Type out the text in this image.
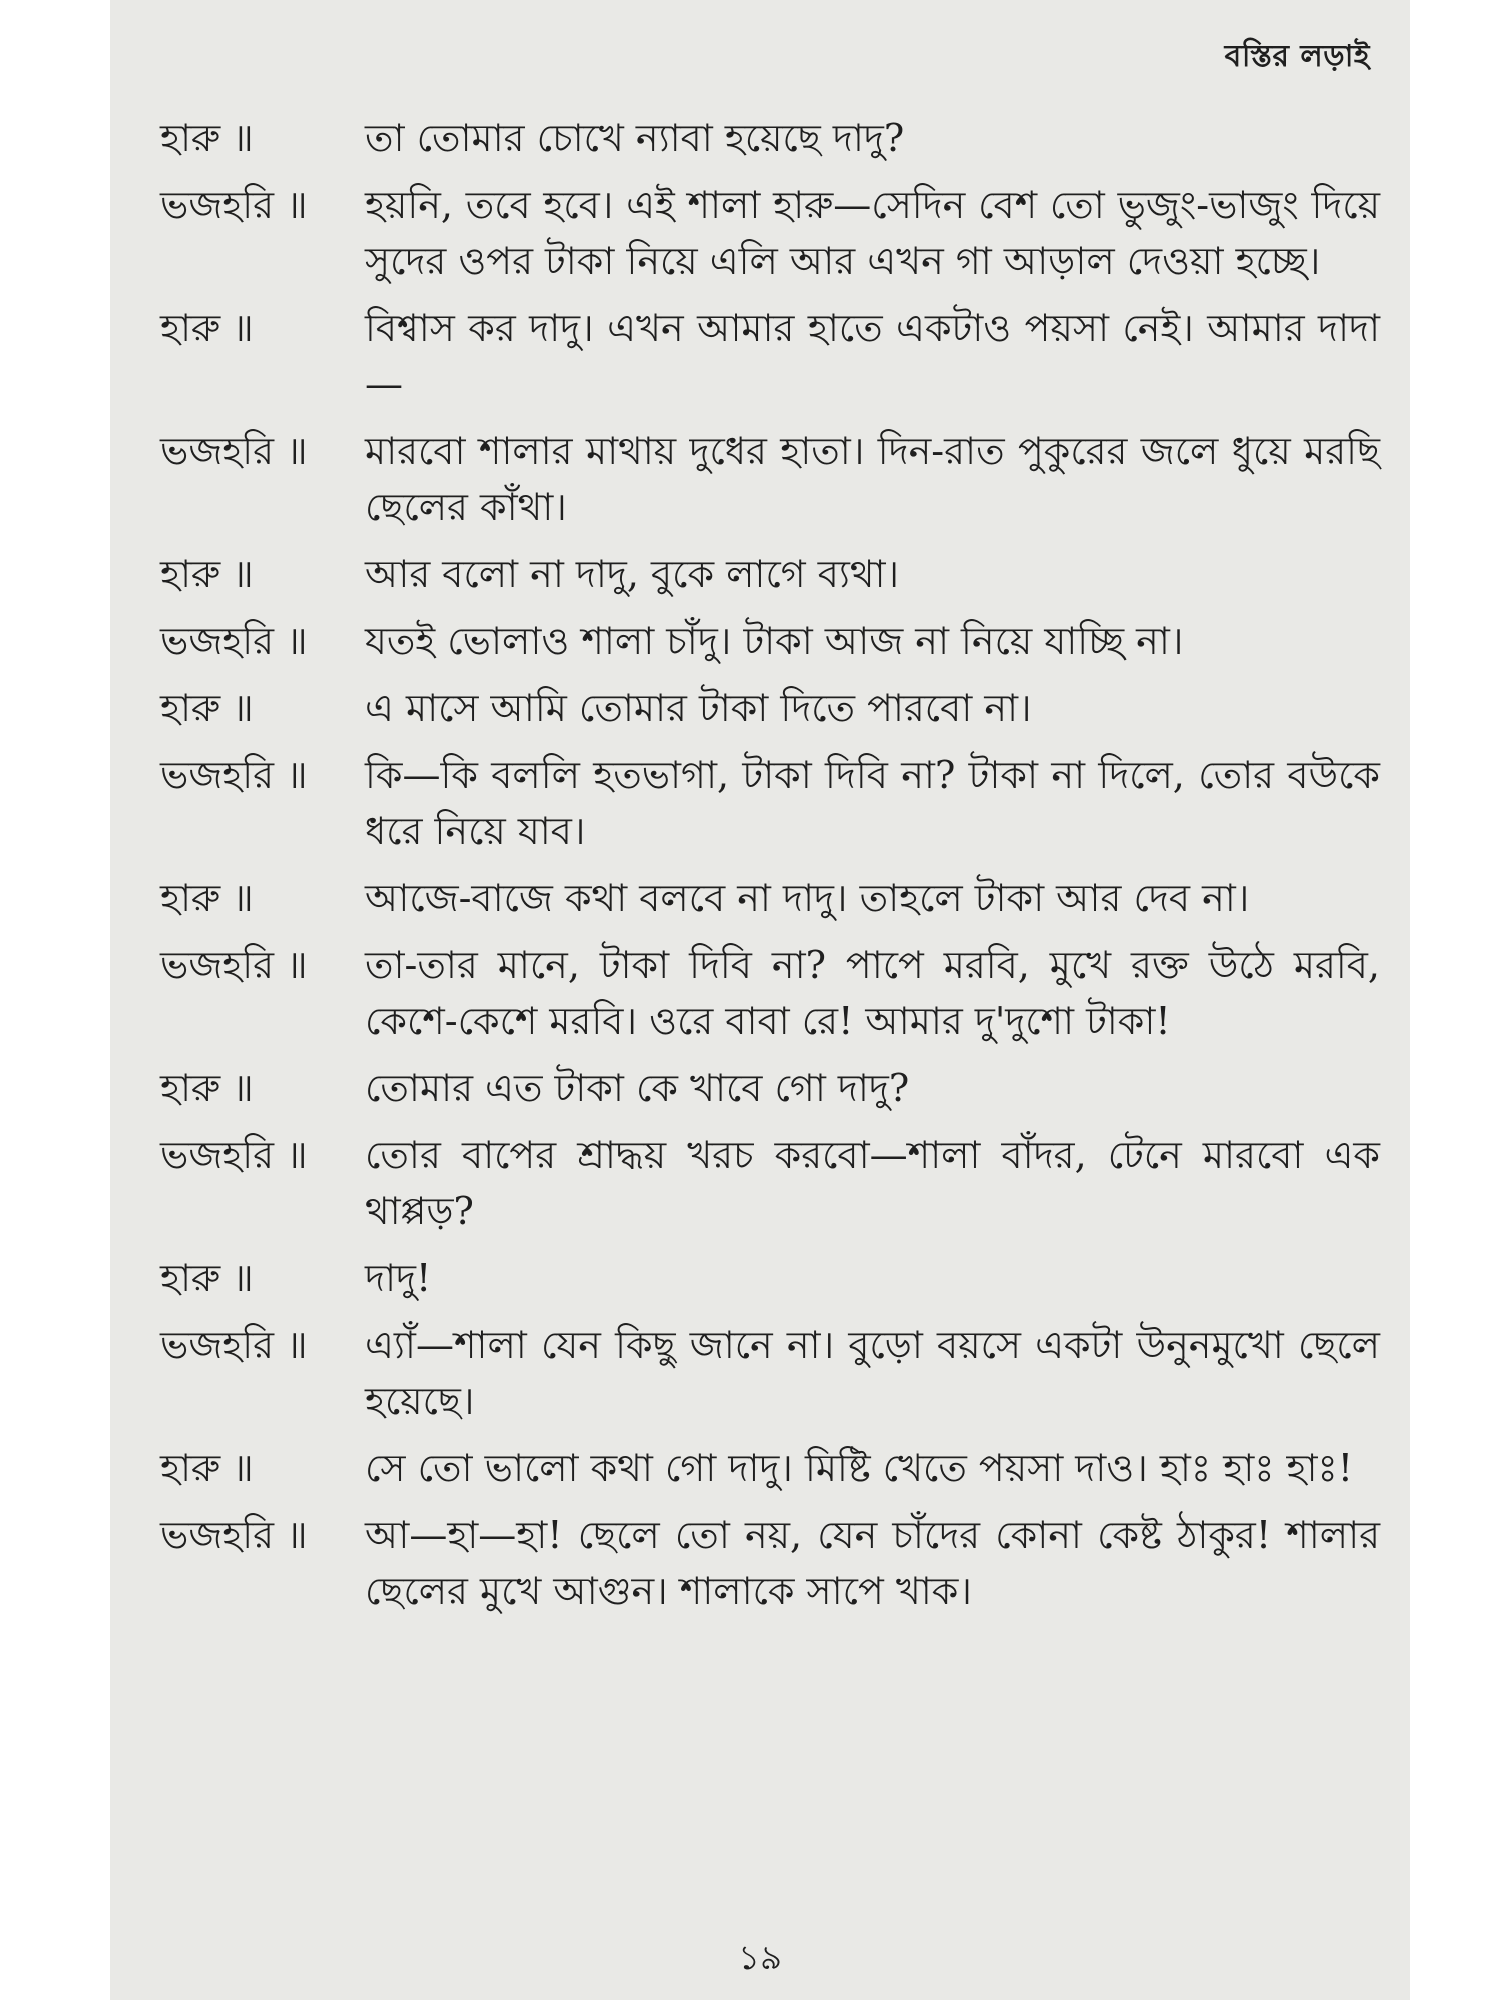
বস্তির লড়াই
হারু ॥	তা তোমার চোখে ন্যাবা হয়েছে দাদু?
ভজহরি ॥	হয়নি, তবে হবে। এই শালা হারু—সেদিন বেশ তো ভুজুং-ভাজুং দিয়ে সুদের ওপর টাকা নিয়ে এলি আর এখন গা আড়াল দেওয়া হচ্ছে।
হারু ॥	বিশ্বাস কর দাদু। এখন আমার হাতে একটাও পয়সা নেই। আমার দাদা—
ভজহরি ॥	মারবো শালার মাথায় দুধের হাতা। দিন-রাত পুকুরের জলে ধুয়ে মরছি ছেলের কাঁথা।
হারু ॥	আর বলো না দাদু, বুকে লাগে ব্যথা।
ভজহরি ॥	যতই ভোলাও শালা চাঁদু। টাকা আজ না নিয়ে যাচ্ছি না।
হারু ॥	এ মাসে আমি তোমার টাকা দিতে পারবো না।
ভজহরি ॥	কি—কি বললি হতভাগা, টাকা দিবি না? টাকা না দিলে, তোর বউকে ধরে নিয়ে যাব।
হারু ॥	আজে-বাজে কথা বলবে না দাদু। তাহলে টাকা আর দেব না।
ভজহরি ॥	তা-তার মানে, টাকা দিবি না? পাপে মরবি, মুখে রক্ত উঠে মরবি, কেশে-কেশে মরবি। ওরে বাবা রে! আমার দু'দুশো টাকা!
হারু ॥	তোমার এত টাকা কে খাবে গো দাদু?
ভজহরি ॥	তোর বাপের শ্রাদ্ধয় খরচ করবো—শালা বাঁদর, টেনে মারবো এক থাপ্পড়?
হারু ॥	দাদু!
ভজহরি ॥	এ্যাঁ—শালা যেন কিছু জানে না। বুড়ো বয়সে একটা উনুনমুখো ছেলে হয়েছে।
হারু ॥	সে তো ভালো কথা গো দাদু। মিষ্টি খেতে পয়সা দাও। হাঃ হাঃ হাঃ!
ভজহরি ॥	আ—হা—হা! ছেলে তো নয়, যেন চাঁদের কোনা কেষ্ট ঠাকুর! শালার ছেলের মুখে আগুন। শালাকে সাপে খাক।
১৯
